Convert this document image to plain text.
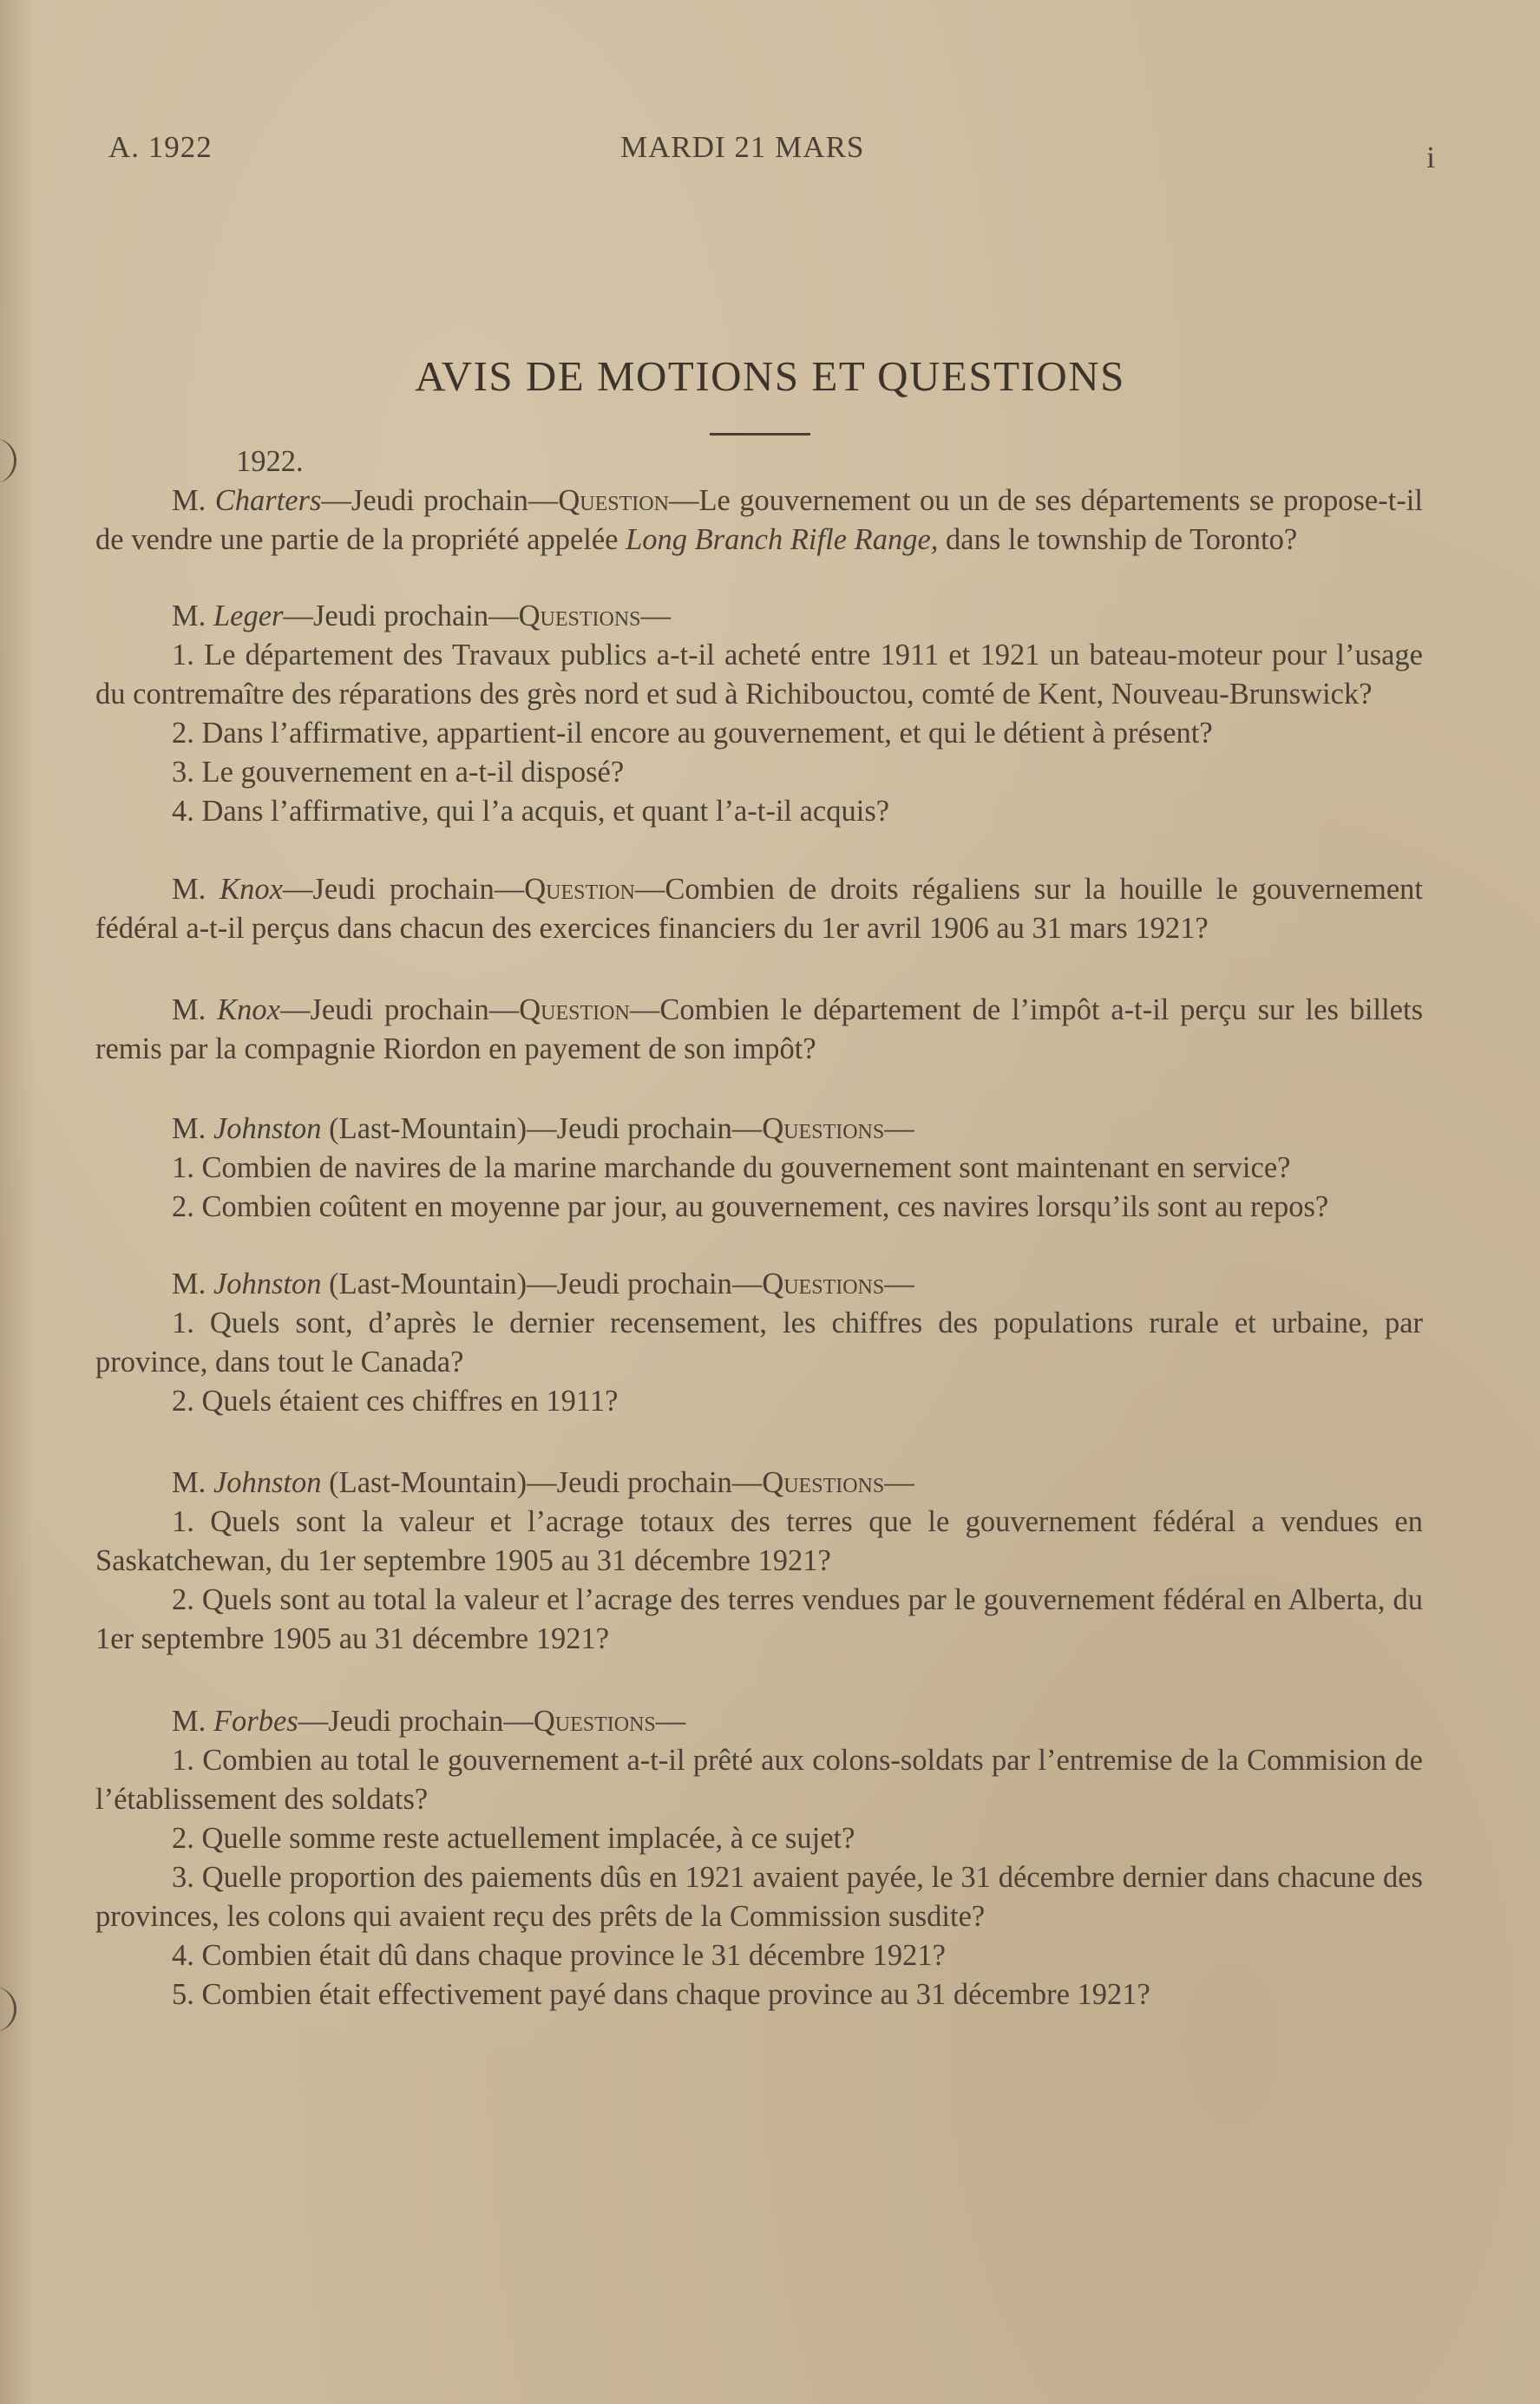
A. 1922	MARDI 21 MARS	i
AVIS DE MOTIONS ET QUESTIONS
1922.

M. Charters—Jeudi prochain—Question—Le gouvernement ou un de ses départements se propose-t-il de vendre une partie de la propriété appelée Long Branch Rifle Range, dans le township de Toronto?

M. Leger—Jeudi prochain—Questions—

1. Le département des Travaux publics a-t-il acheté entre 1911 et 1921 un bateau-moteur pour l’usage du contremaître des réparations des grès nord et sud à Richibouctou, comté de Kent, Nouveau-Brunswick?

2. Dans l’affirmative, appartient-il encore au gouvernement, et qui le détient à présent?

3. Le gouvernement en a-t-il disposé?

4. Dans l’affirmative, qui l’a acquis, et quant l’a-t-il acquis?

M. Knox—Jeudi prochain—Question—Combien de droits régaliens sur la houille le gouvernement fédéral a-t-il perçus dans chacun des exercices financiers du 1er avril 1906 au 31 mars 1921?

M. Knox—Jeudi prochain—Question—Combien le département de l’impôt a-t-il perçu sur les billets remis par la compagnie Riordon en payement de son impôt?

M. Johnston (Last-Mountain)—Jeudi prochain—Questions—

1. Combien de navires de la marine marchande du gouvernement sont maintenant en service?

2. Combien coûtent en moyenne par jour, au gouvernement, ces navires lorsqu’ils sont au repos?

M. Johnston (Last-Mountain)—Jeudi prochain—Questions—

1. Quels sont, d’après le dernier recensement, les chiffres des populations rurale et urbaine, par province, dans tout le Canada?

2. Quels étaient ces chiffres en 1911?

M. Johnston (Last-Mountain)—Jeudi prochain—Questions—

1. Quels sont la valeur et l’acrage totaux des terres que le gouvernement fédéral a vendues en Saskatchewan, du 1er septembre 1905 au 31 décembre 1921?

2. Quels sont au total la valeur et l’acrage des terres vendues par le gouvernement fédéral en Alberta, du 1er septembre 1905 au 31 décembre 1921?

M. Forbes—Jeudi prochain—Questions—

1. Combien au total le gouvernement a-t-il prêté aux colons-soldats par l’entremise de la Commision de l’établissement des soldats?

2. Quelle somme reste actuellement implacée, à ce sujet?

3. Quelle proportion des paiements dûs en 1921 avaient payée, le 31 décembre dernier dans chacune des provinces, les colons qui avaient reçu des prêts de la Commission susdite?

4. Combien était dû dans chaque province le 31 décembre 1921?

5. Combien était effectivement payé dans chaque province au 31 décembre 1921?
